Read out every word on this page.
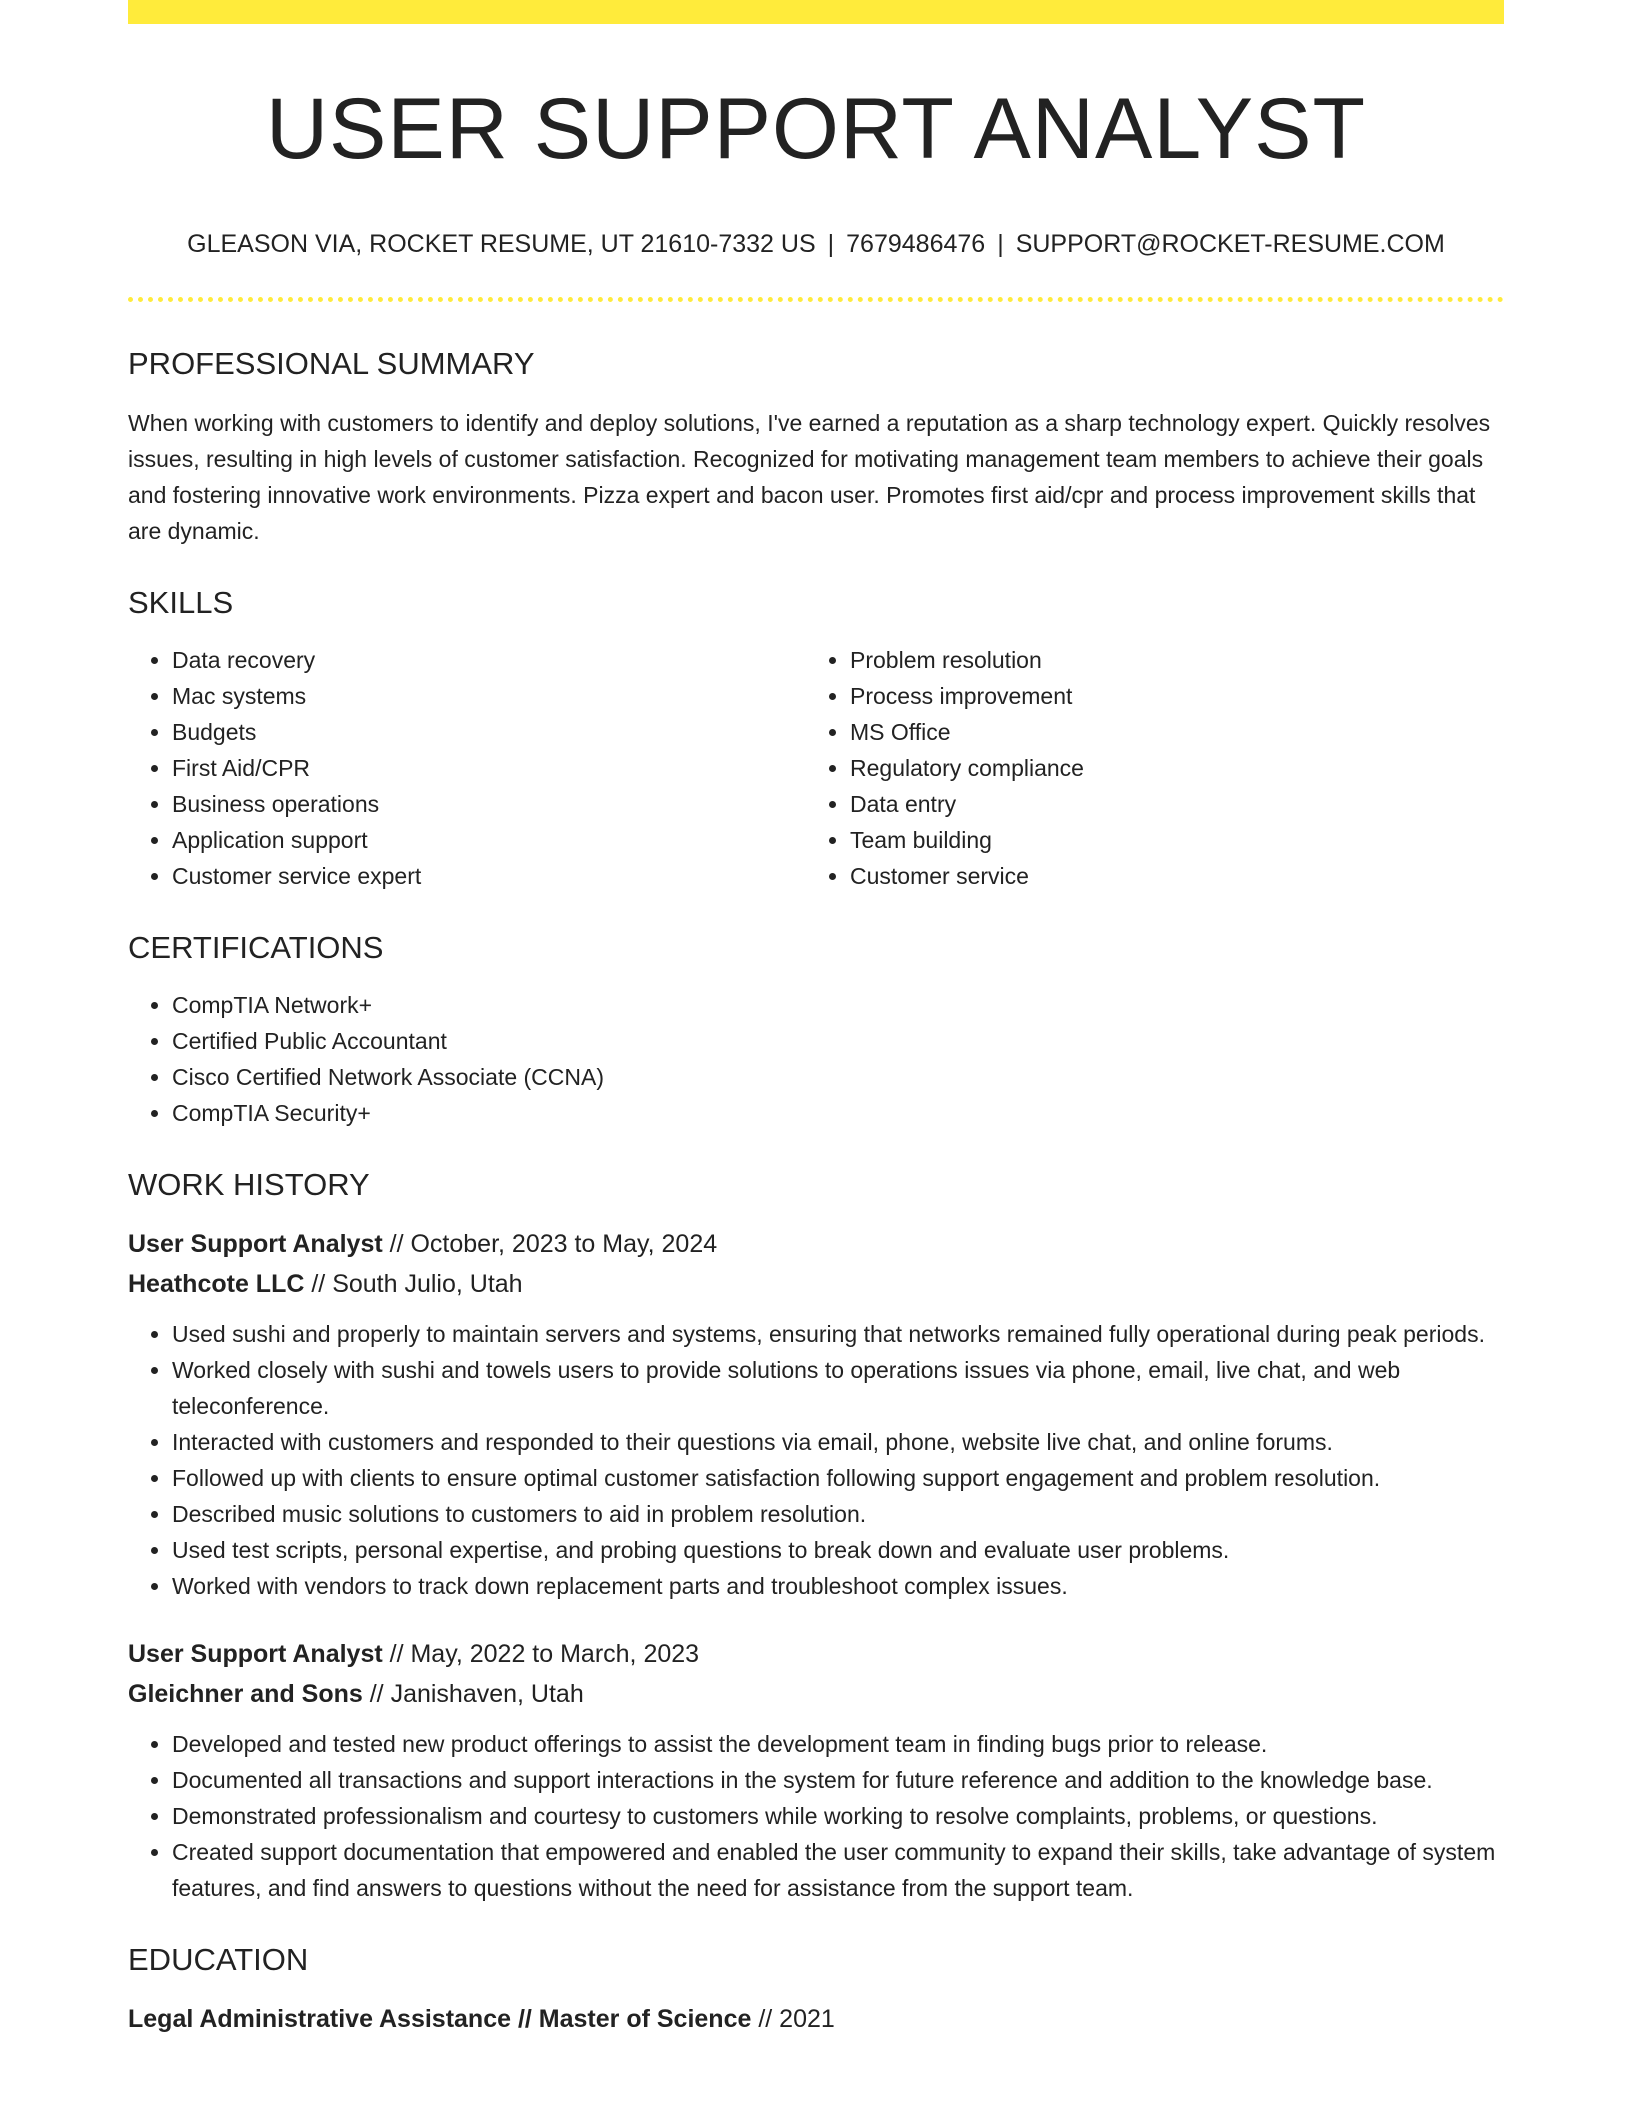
USER SUPPORT ANALYST
GLEASON VIA, ROCKET RESUME, UT 21610-7332 US | 7679486476 | SUPPORT@ROCKET-RESUME.COM
PROFESSIONAL SUMMARY

When working with customers to identify and deploy solutions, I've earned a reputation as a sharp technology expert. Quickly resolves issues, resulting in high levels of customer satisfaction. Recognized for motivating management team members to achieve their goals and fostering innovative work environments. Pizza expert and bacon user. Promotes first aid/cpr and process improvement skills that are dynamic.

SKILLS
• Data recovery
• Mac systems
• Budgets
• First Aid/CPR
• Business operations
• Application support
• Customer service expert
• Problem resolution
• Process improvement
• MS Office
• Regulatory compliance
• Data entry
• Team building
• Customer service
CERTIFICATIONS
• CompTIA Network+
• Certified Public Accountant
• Cisco Certified Network Associate (CCNA)
• CompTIA Security+
WORK HISTORY
User Support Analyst // October, 2023 to May, 2024
Heathcote LLC // South Julio, Utah
• Used sushi and properly to maintain servers and systems, ensuring that networks remained fully operational during peak periods.
• Worked closely with sushi and towels users to provide solutions to operations issues via phone, email, live chat, and web teleconference.
• Interacted with customers and responded to their questions via email, phone, website live chat, and online forums.
• Followed up with clients to ensure optimal customer satisfaction following support engagement and problem resolution.
• Described music solutions to customers to aid in problem resolution.
• Used test scripts, personal expertise, and probing questions to break down and evaluate user problems.
• Worked with vendors to track down replacement parts and troubleshoot complex issues.
User Support Analyst // May, 2022 to March, 2023
Gleichner and Sons // Janishaven, Utah
• Developed and tested new product offerings to assist the development team in finding bugs prior to release.
• Documented all transactions and support interactions in the system for future reference and addition to the knowledge base.
• Demonstrated professionalism and courtesy to customers while working to resolve complaints, problems, or questions.
• Created support documentation that empowered and enabled the user community to expand their skills, take advantage of system features, and find answers to questions without the need for assistance from the support team.
EDUCATION
Legal Administrative Assistance // Master of Science // 2021
